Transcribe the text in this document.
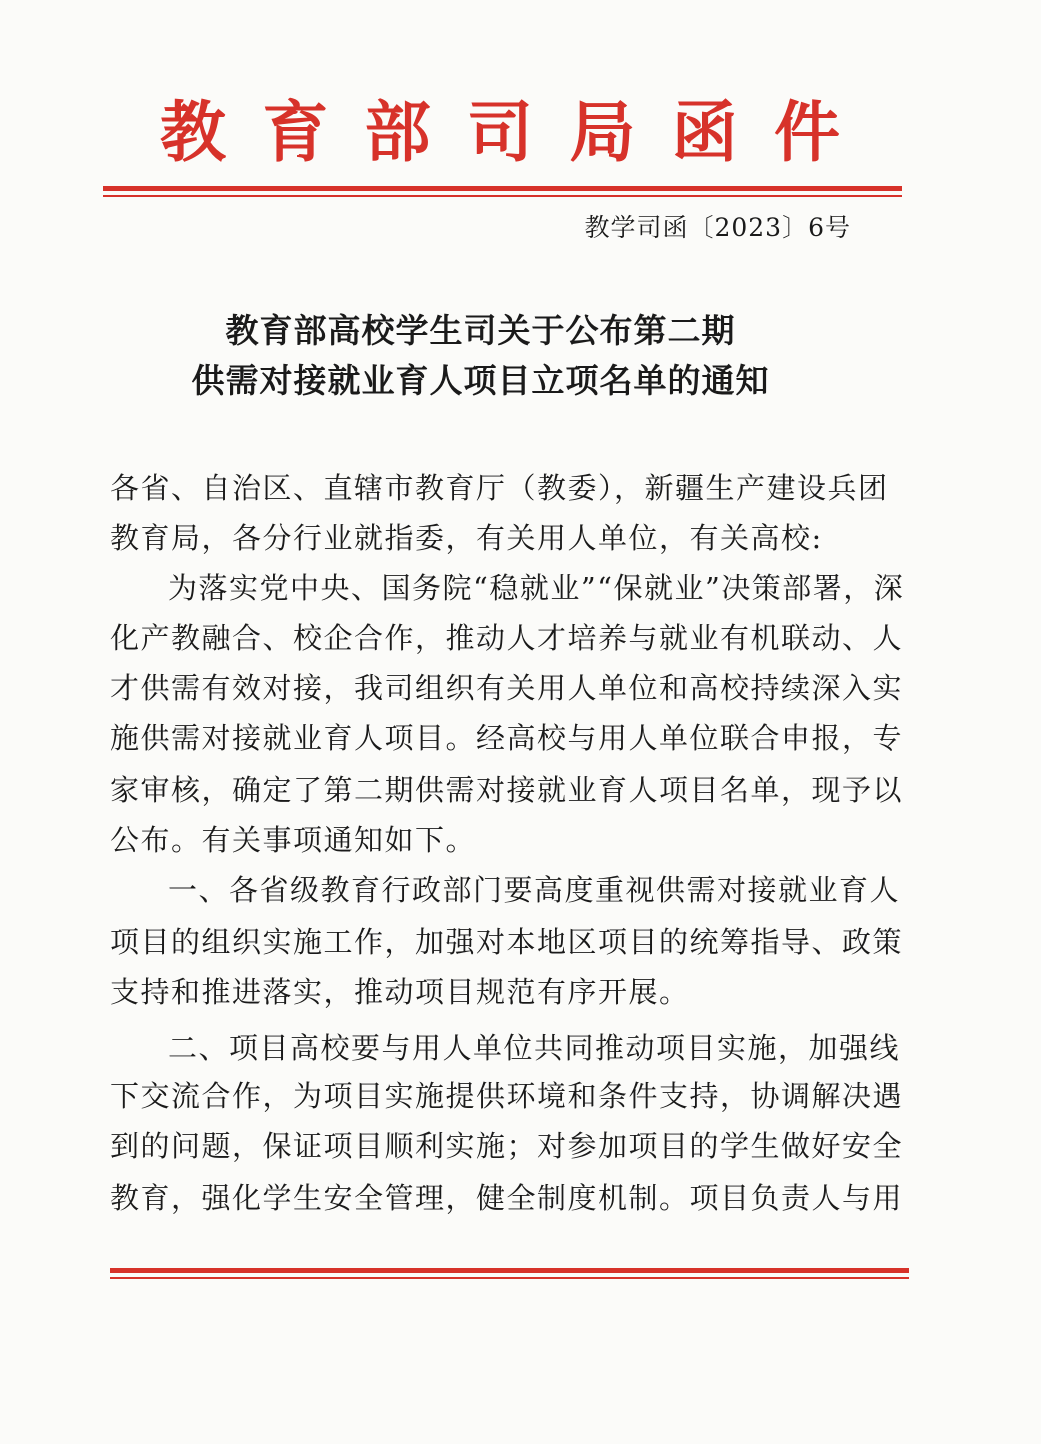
教 育 部 司 局 函 件
教学司函〔2023〕6号
教育部高校学生司关于公布第二期
供需对接就业育人项目立项名单的通知
各省、自治区、直辖市教育厅（教委），新疆生产建设兵团
教育局，各分行业就指委，有关用人单位，有关高校:
为落实党中央、国务院“稳就业”“保就业”决策部署，深
化产教融合、校企合作，推动人才培养与就业有机联动、人
才供需有效对接，我司组织有关用人单位和高校持续深入实
施供需对接就业育人项目。经高校与用人单位联合申报，专
家审核，确定了第二期供需对接就业育人项目名单，现予以
公布。有关事项通知如下。
一、各省级教育行政部门要高度重视供需对接就业育人
项目的组织实施工作，加强对本地区项目的统筹指导、政策
支持和推进落实，推动项目规范有序开展。
二、项目高校要与用人单位共同推动项目实施，加强线
下交流合作，为项目实施提供环境和条件支持，协调解决遇
到的问题，保证项目顺利实施；对参加项目的学生做好安全
教育，强化学生安全管理，健全制度机制。项目负责人与用
